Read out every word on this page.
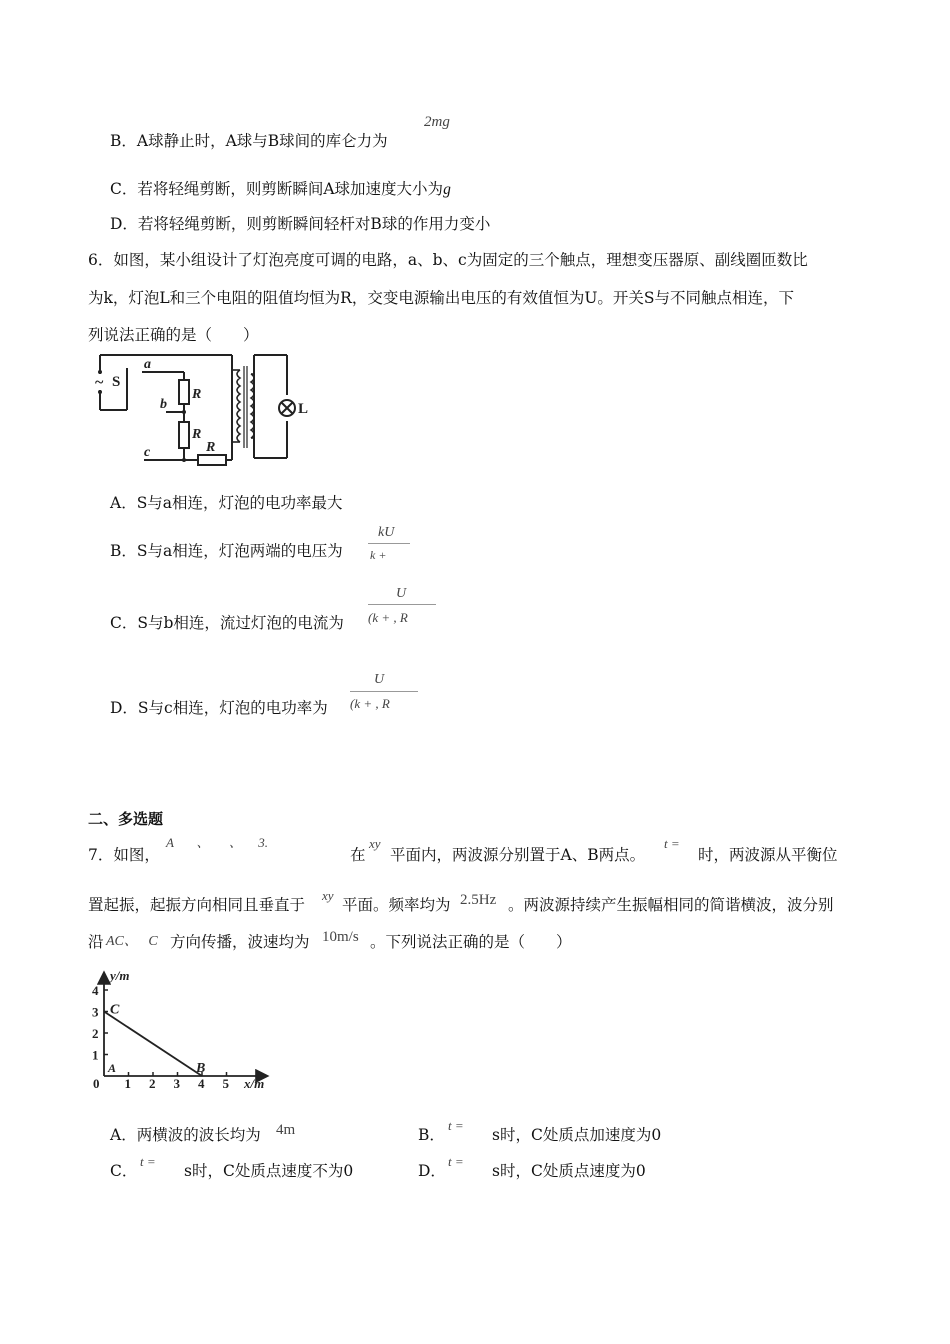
B．A球静止时，A球与B球间的库仑力为
2mg
C．若将轻绳剪断，则剪断瞬间A球加速度大小为g
D．若将轻绳剪断，则剪断瞬间轻杆对B球的作用力变小
6．如图，某小组设计了灯泡亮度可调的电路，a、b、c为固定的三个触点，理想变压器原、副线圈匝数比
为k，灯泡L和三个电阻的阻值均恒为R，交变电源输出电压的有效值恒为U。开关S与不同触点相连，下
列说法正确的是（　　）
~ S
a
b
c
R
R
R
L
A．S与a相连，灯泡的电功率最大
B．S与a相连，灯泡两端的电压为
kU
k +
U
C．S与b相连，流过灯泡的电流为 (k + , R
U
D．S与c相连，灯泡的电功率为 (k + , R
二、多选题
7．如图，
A       、      、     3.
在
xy
平面内，两波源分别置于A、B两点。
t =
时，两波源从平衡位
置起振，起振方向相同且垂直于
xy
平面。频率均为 2.5Hz 。两波源持续产生振幅相同的简谐横波，波分别
沿 AC、   C 方向传播，波速均为 10m/s 。下列说法正确的是（　　）
y/m
x/m
0 1 2 3 4 5
1
2
3
4
C
B
A
A．两横波的波长均为 4m	B．
t =
s时，C处质点加速度为0
C．
t =
s时，C处质点速度不为0	D．
t =
s时，C处质点速度为0
